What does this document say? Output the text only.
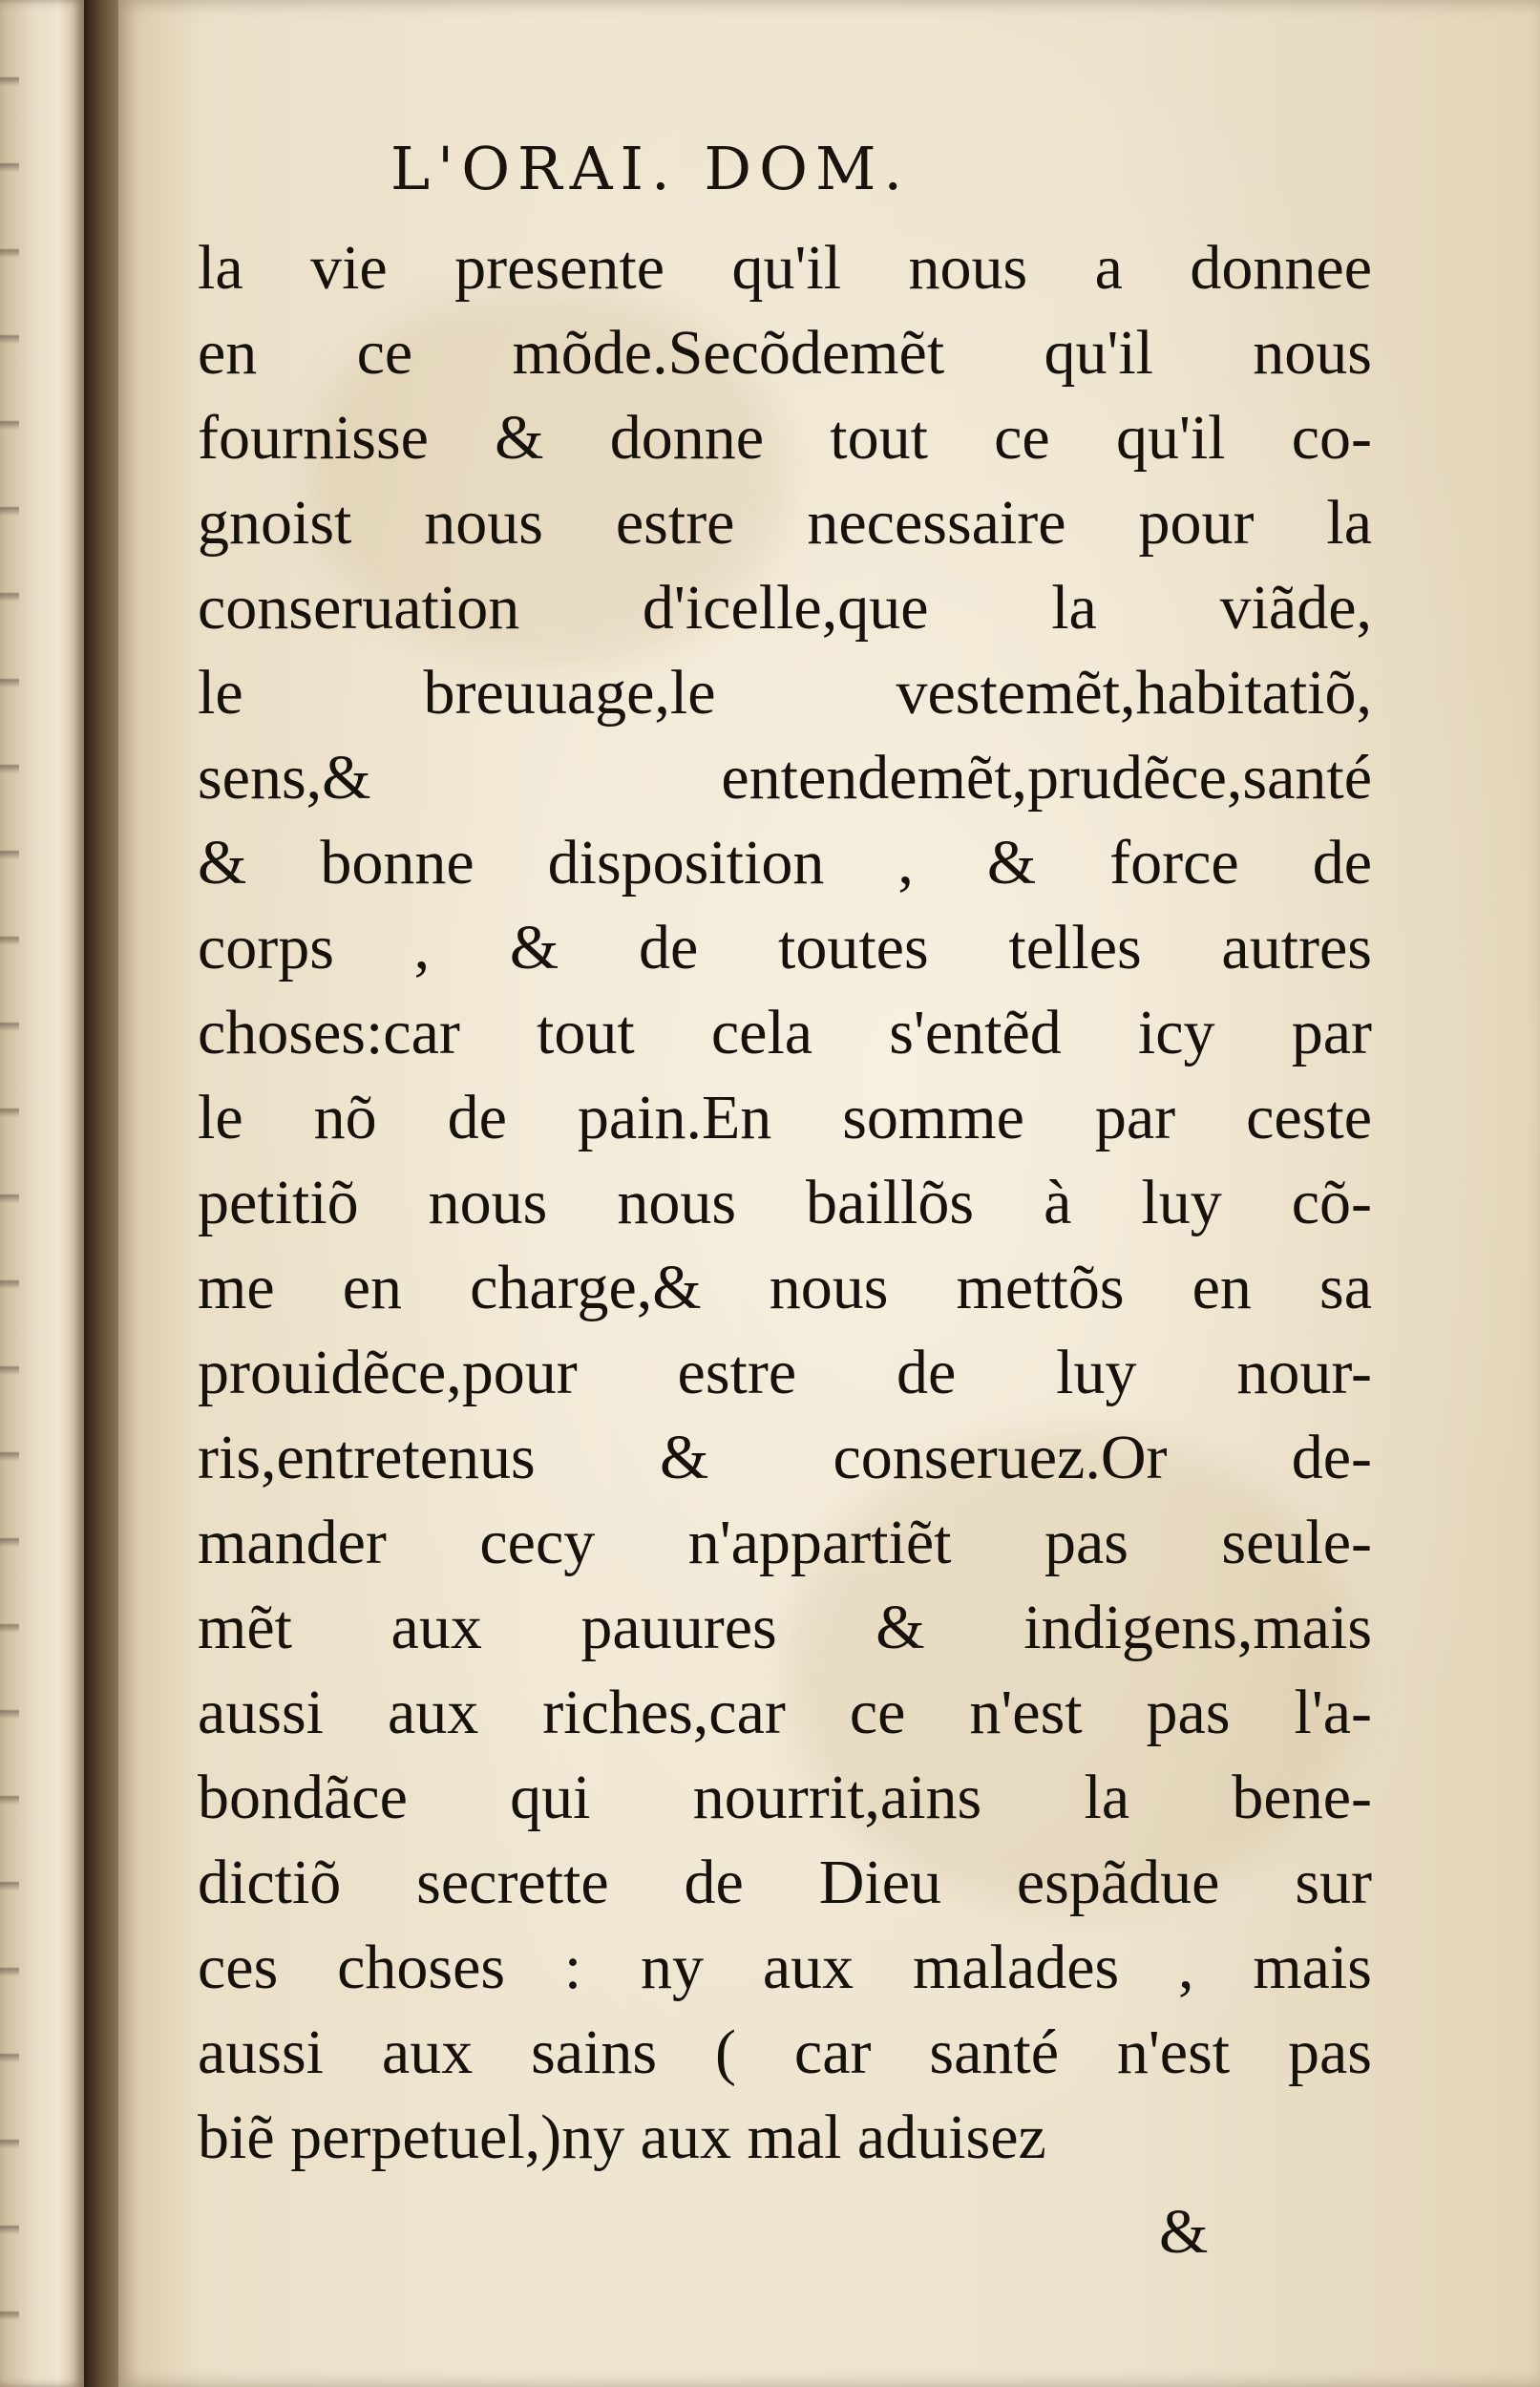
L'ORAI. DOM.
la vie presente qu'il nous a donnee
en ce mõde.Secõdemẽt qu'il nous
fournisse & donne tout ce qu'il co-
gnoist nous estre necessaire pour la
conseruation d'icelle,que la viãde,
le breuuage,le vestemẽt,habitatiõ,
sens,& entendemẽt,prudẽce,santé
& bonne disposition , & force de
corps , & de toutes telles autres
choses:car tout cela s'entẽd icy par
le nõ de pain.En somme par ceste
petitiõ nous nous baillõs à luy cõ-
me en charge,& nous mettõs en sa
prouidẽce,pour estre de luy nour-
ris,entretenus & conseruez.Or de-
mander cecy n'appartiẽt pas seule-
mẽt aux pauures & indigens,mais
aussi aux riches,car ce n'est pas l'a-
bondãce qui nourrit,ains la bene-
dictiõ secrette de Dieu espãdue sur
ces choses : ny aux malades , mais
aussi aux sains ( car santé n'est pas
biẽ perpetuel,)ny aux mal aduisez
&
